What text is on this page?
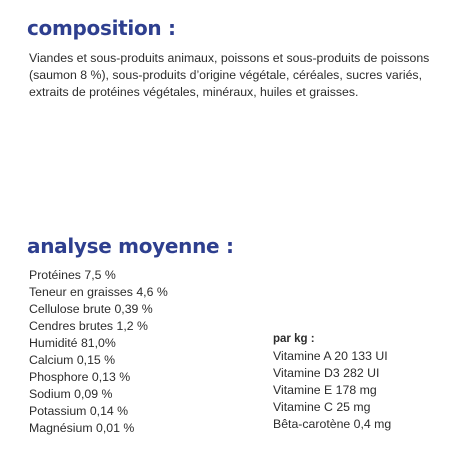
composition :

Viandes et sous-produits animaux, poissons et sous-produits de poissons (saumon 8 %), sous-produits d’origine végétale, céréales, sucres variés, extraits de protéines végétales, minéraux, huiles et graisses.

analyse moyenne :
Protéines 7,5 %
Teneur en graisses 4,6 %
Cellulose brute 0,39 %
Cendres brutes 1,2 %
Humidité 81,0%
Calcium 0,15 %
Phosphore 0,13 %
Sodium 0,09 %
Potassium 0,14 %
Magnésium 0,01 %
par kg :
Vitamine A 20 133 UI
Vitamine D3 282 UI
Vitamine E 178 mg
Vitamine C 25 mg
Bêta-carotène 0,4 mg
